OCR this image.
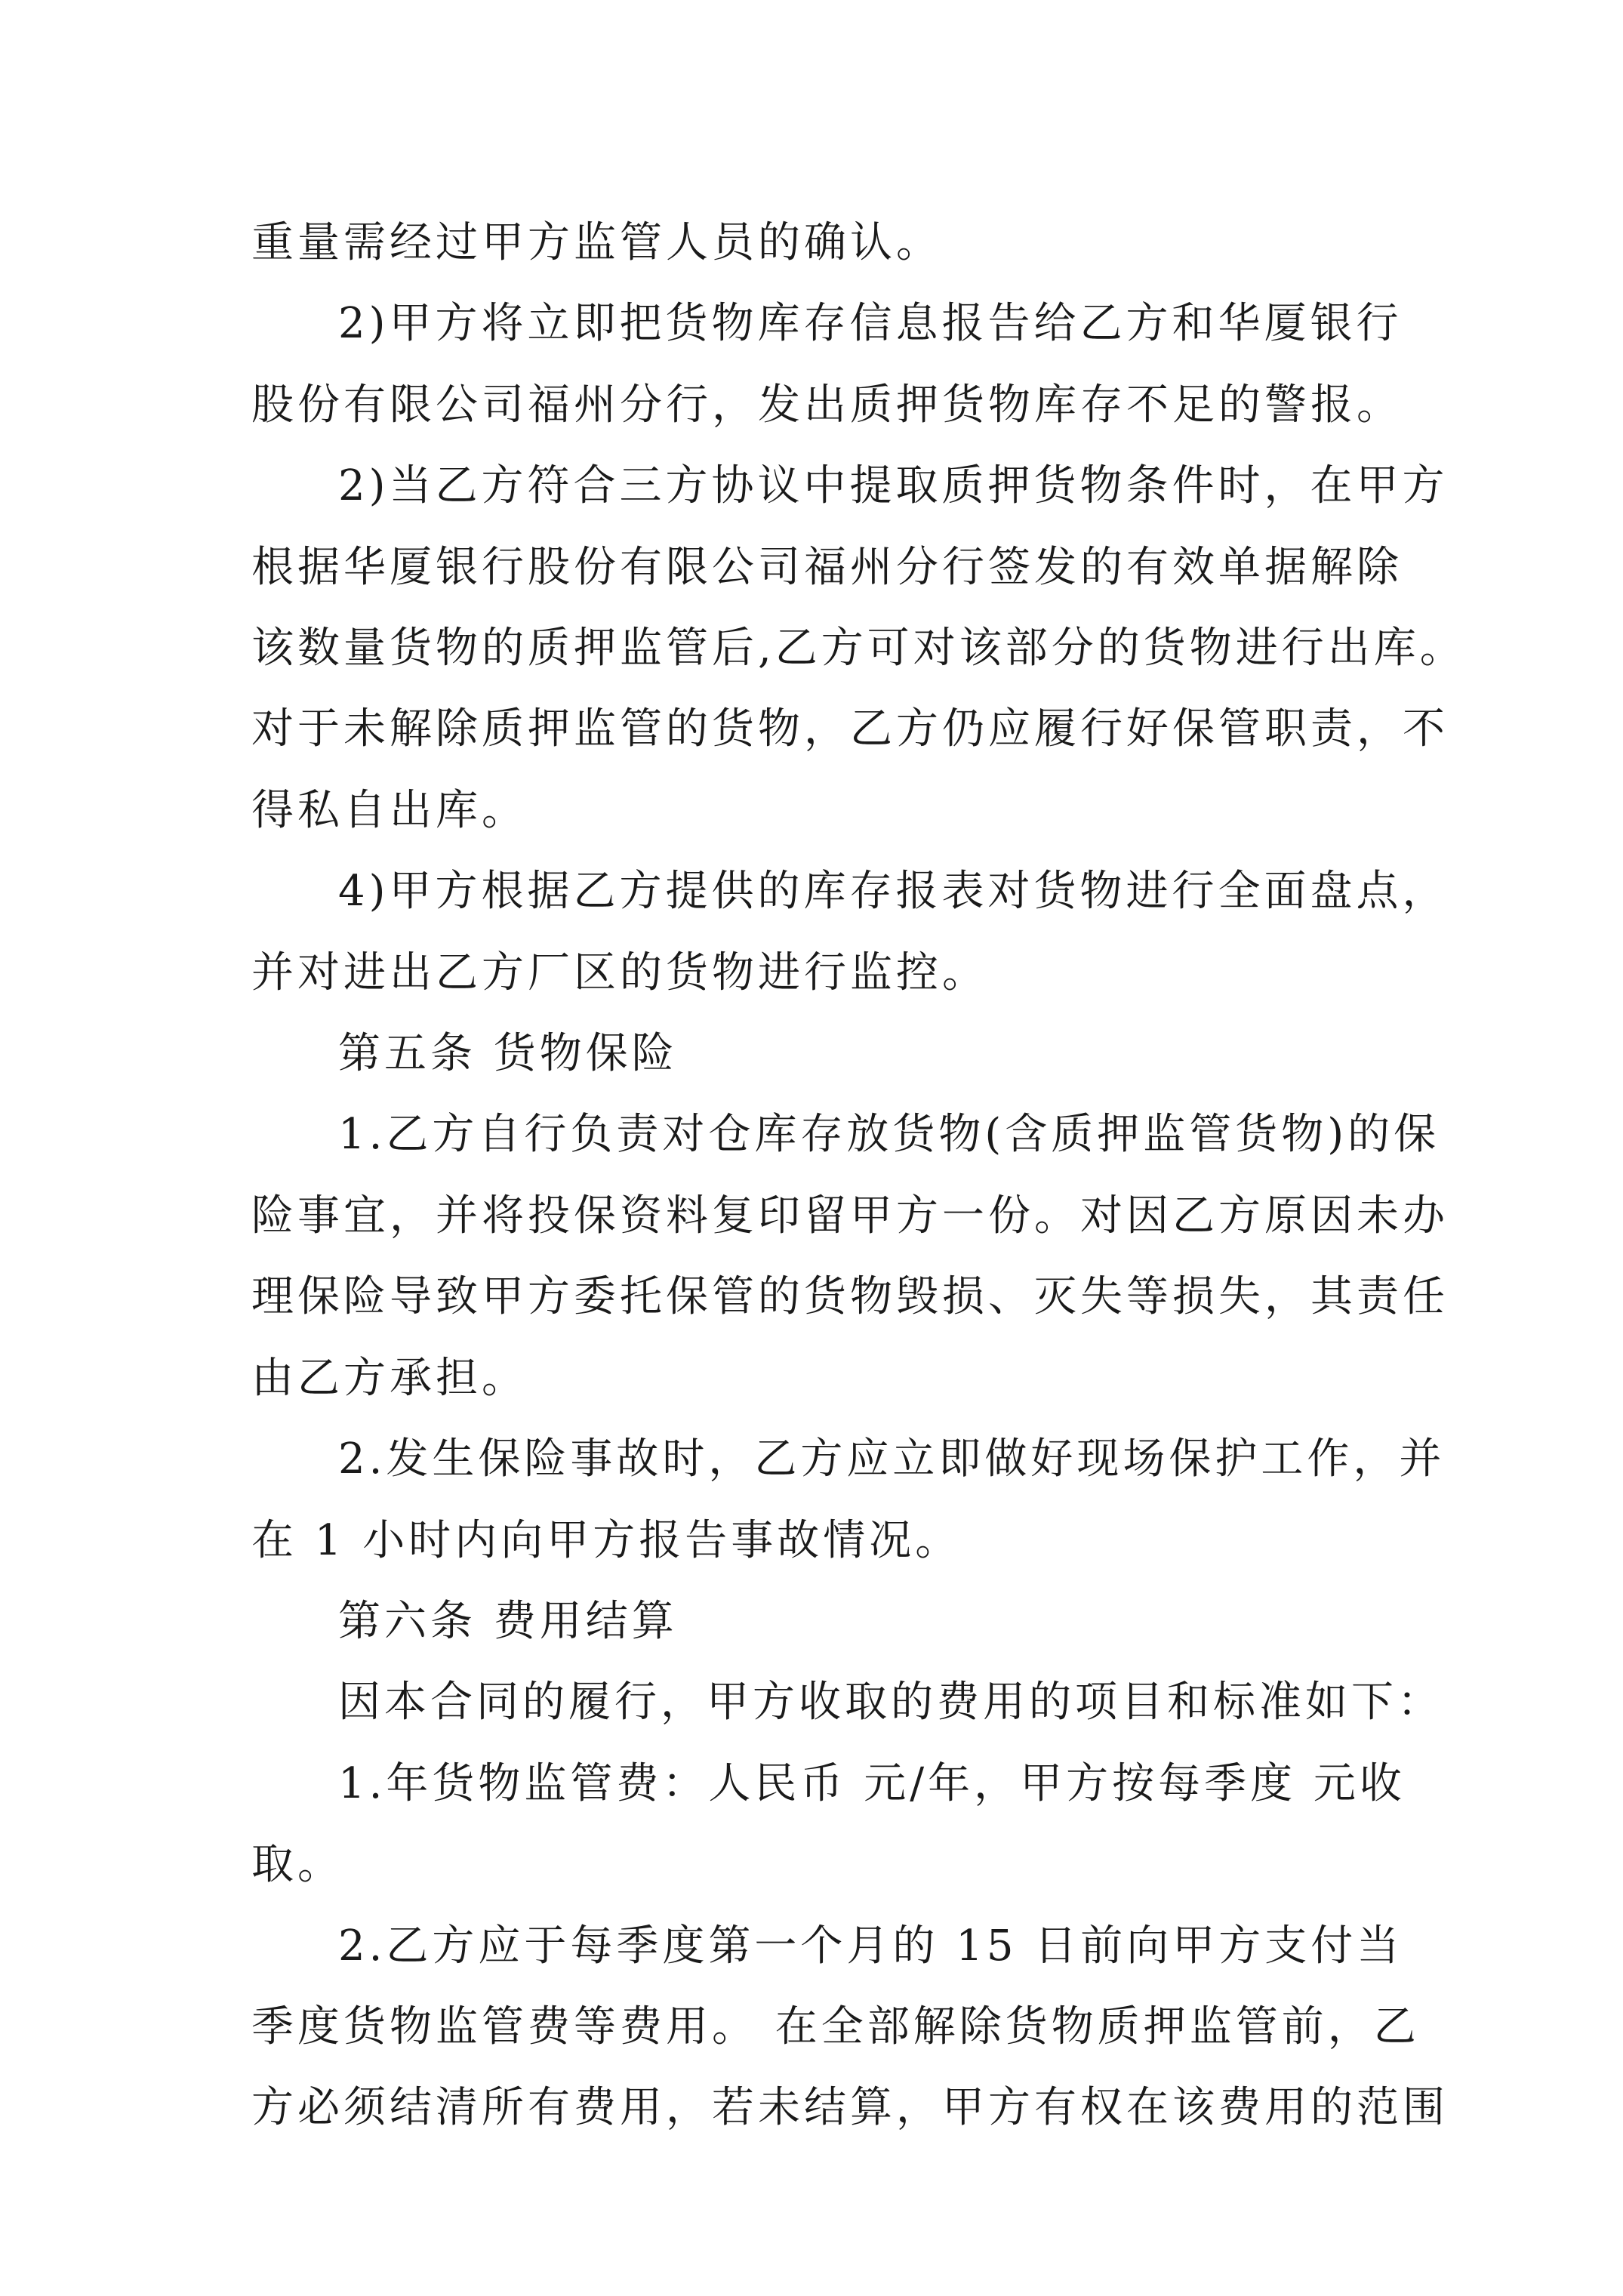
重量需经过甲方监管人员的确认。

2)甲方将立即把货物库存信息报告给乙方和华厦银行

股份有限公司福州分行，发出质押货物库存不足的警报。

2)当乙方符合三方协议中提取质押货物条件时，在甲方

根据华厦银行股份有限公司福州分行签发的有效单据解除

该数量货物的质押监管后,乙方可对该部分的货物进行出库。

对于未解除质押监管的货物，乙方仍应履行好保管职责，不

得私自出库。

4)甲方根据乙方提供的库存报表对货物进行全面盘点，

并对进出乙方厂区的货物进行监控。

第五条 货物保险

1.乙方自行负责对仓库存放货物(含质押监管货物)的保

险事宜，并将投保资料复印留甲方一份。对因乙方原因未办

理保险导致甲方委托保管的货物毁损、灭失等损失，其责任

由乙方承担。

2.发生保险事故时，乙方应立即做好现场保护工作，并

在 1 小时内向甲方报告事故情况。

第六条 费用结算

因本合同的履行，甲方收取的费用的项目和标准如下：

1.年货物监管费：人民币 元/年，甲方按每季度 元收

取。

2.乙方应于每季度第一个月的 15 日前向甲方支付当

季度货物监管费等费用。 在全部解除货物质押监管前，乙

方必须结清所有费用，若未结算，甲方有权在该费用的范围
